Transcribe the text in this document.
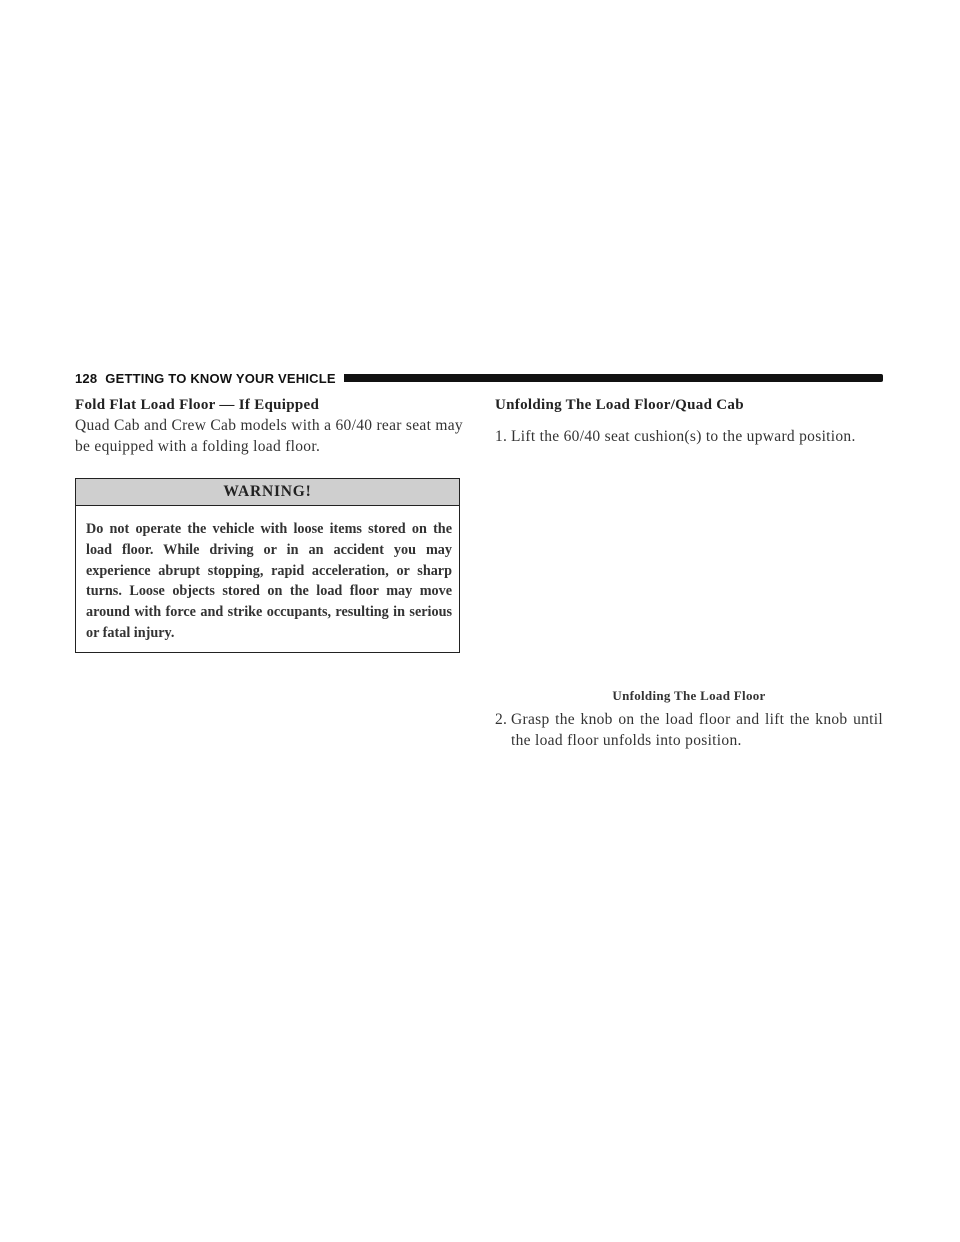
128 GETTING TO KNOW YOUR VEHICLE
Fold Flat Load Floor — If Equipped

Quad Cab and Crew Cab models with a 60/40 rear seat may be equipped with a folding load floor.

WARNING!
Do not operate the vehicle with loose items stored on the load floor. While driving or in an accident you may experience abrupt stopping, rapid acceleration, or sharp turns. Loose objects stored on the load floor may move around with force and strike occupants, resulting in serious or fatal injury.
Unfolding The Load Floor/Quad Cab
1. Lift the 60/40 seat cushion(s) to the upward position.
Unfolding The Load Floor
2. Grasp the knob on the load floor and lift the knob until the load floor unfolds into position.
